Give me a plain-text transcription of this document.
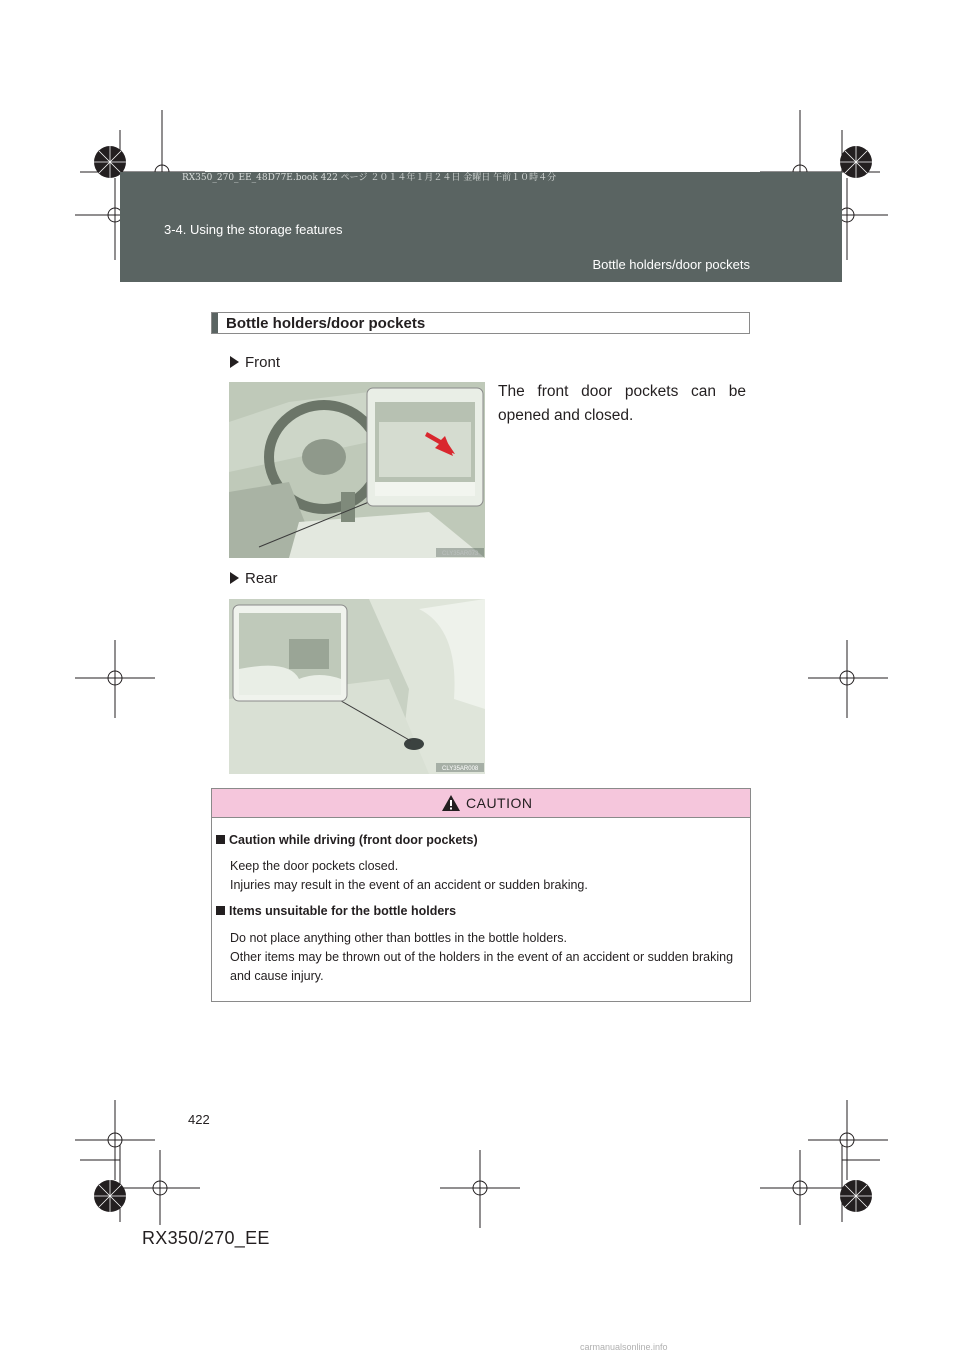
RX350_270_EE_48D77E.book 422 ページ ２０１４年１月２４日 金曜日 午前１０時４分
3-4. Using the storage features
Bottle holders/door pockets
Bottle holders/door pockets
Front
The front door pockets can be opened and closed.
CLY35AR073
Rear
CLY35AR008
CAUTION
Caution while driving (front door pockets)
Keep the door pockets closed.
Injuries may result in the event of an accident or sudden braking.
Items unsuitable for the bottle holders
Do not place anything other than bottles in the bottle holders.
Other items may be thrown out of the holders in the event of an accident or sudden braking and cause injury.
422
RX350/270_EE
carmanualsonline.info
